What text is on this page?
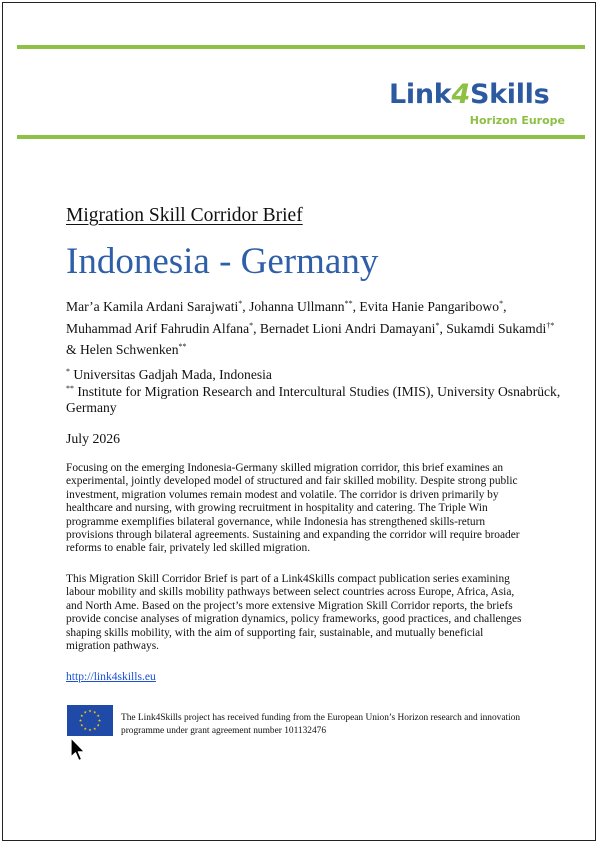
Link4Skills
Horizon Europe
Migration Skill Corridor Brief
Indonesia - Germany
Mar’a Kamila Ardani Sarajwati*, Johanna Ullmann**, Evita Hanie Pangaribowo*, Muhammad Arif Fahrudin Alfana*, Bernadet Lioni Andri Damayani*, Sukamdi Sukamdi†* & Helen Schwenken**
* Universitas Gadjah Mada, Indonesia
** Institute for Migration Research and Intercultural Studies (IMIS), University Osnabrück, Germany
July 2026
Focusing on the emerging Indonesia-Germany skilled migration corridor, this brief examines an experimental, jointly developed model of structured and fair skilled mobility. Despite strong public investment, migration volumes remain modest and volatile. The corridor is driven primarily by healthcare and nursing, with growing recruitment in hospitality and catering. The Triple Win programme exemplifies bilateral governance, while Indonesia has strengthened skills-return provisions through bilateral agreements. Sustaining and expanding the corridor will require broader reforms to enable fair, privately led skilled migration.
This Migration Skill Corridor Brief is part of a Link4Skills compact publication series examining labour mobility and skills mobility pathways between select countries across Europe, Africa, Asia, and North Ame. Based on the project’s more extensive Migration Skill Corridor reports, the briefs provide concise analyses of migration dynamics, policy frameworks, good practices, and challenges shaping skills mobility, with the aim of supporting fair, sustainable, and mutually beneficial migration pathways.
http://link4skills.eu
The Link4Skills project has received funding from the European Union’s Horizon research and innovation programme under grant agreement number 101132476
